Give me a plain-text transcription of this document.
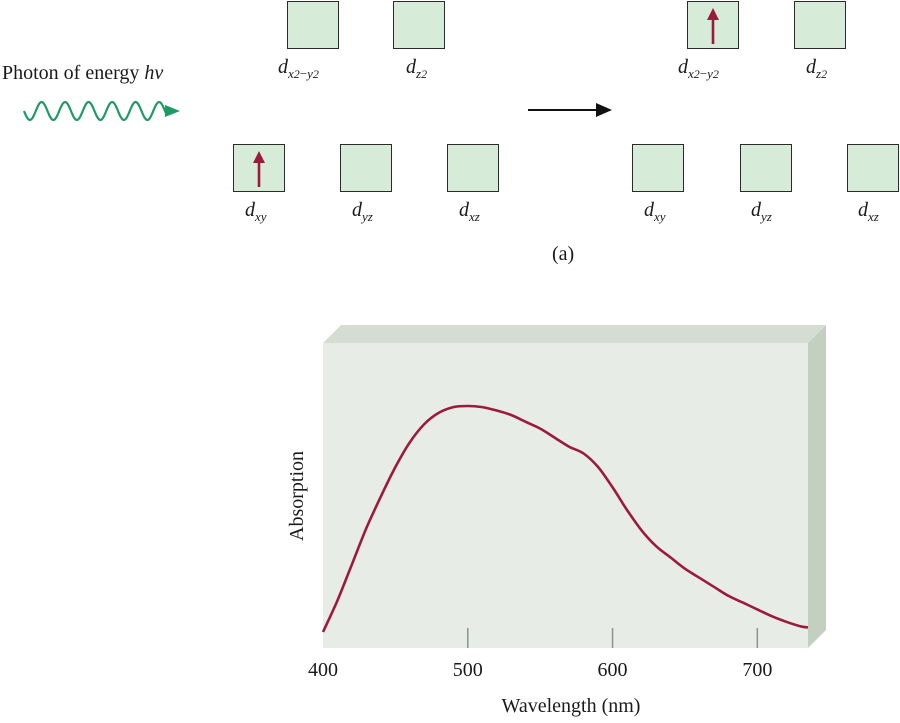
Photon of energy hν	$d_{x2-y2}$	$d_{z2}$
$d_{xy}$	$d_{yz}$	$d_{xz}$
$d_{x2-y2}$	$d_{z2}$
$d_{xy}$	$d_{yz}$	$d_{xz}$
(a)
400	500	600	700
Absorption
Wavelength (nm)
